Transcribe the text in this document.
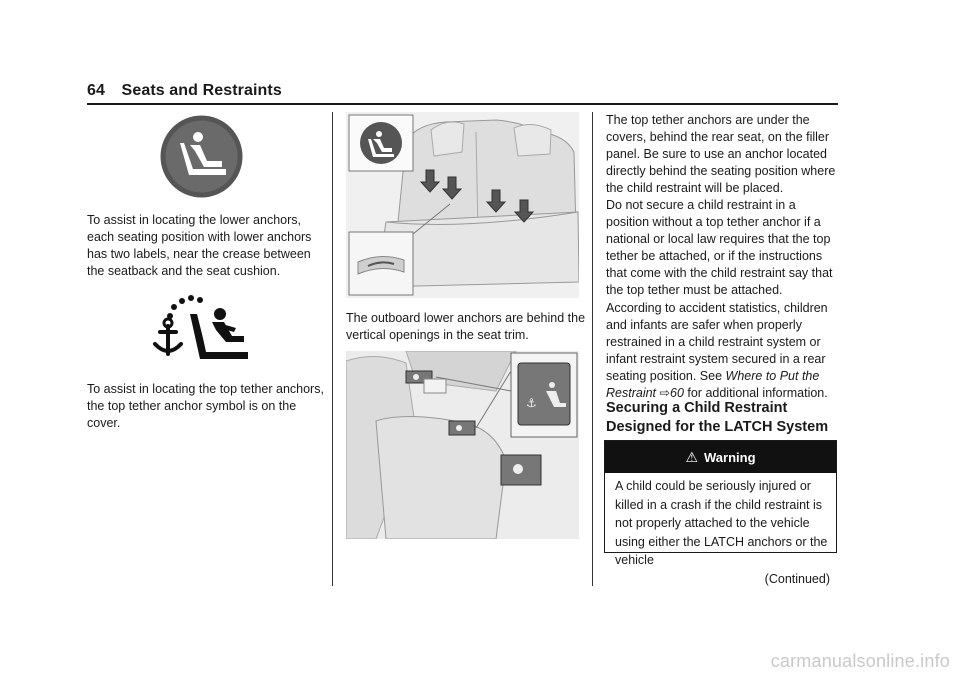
64 Seats and Restraints
To assist in locating the lower anchors, each seating position with lower anchors has two labels, near the crease between the seatback and the seat cushion.
To assist in locating the top tether anchors, the top tether anchor symbol is on the cover.
The outboard lower anchors are behind the vertical openings in the seat trim.
⚓
The top tether anchors are under the covers, behind the rear seat, on the filler panel. Be sure to use an anchor located directly behind the seating position where the child restraint will be placed.
Do not secure a child restraint in a position without a top tether anchor if a national or local law requires that the top tether be attached, or if the instructions that come with the child restraint say that the top tether must be attached.
According to accident statistics, children and infants are safer when properly restrained in a child restraint system or infant restraint system secured in a rear seating position. See Where to Put the Restraint ⇨60 for additional information.
Securing a Child Restraint Designed for the LATCH System
⚠ Warning
A child could be seriously injured or killed in a crash if the child restraint is not properly attached to the vehicle using either the LATCH anchors or the vehicle
(Continued)
carmanualsonline.info
